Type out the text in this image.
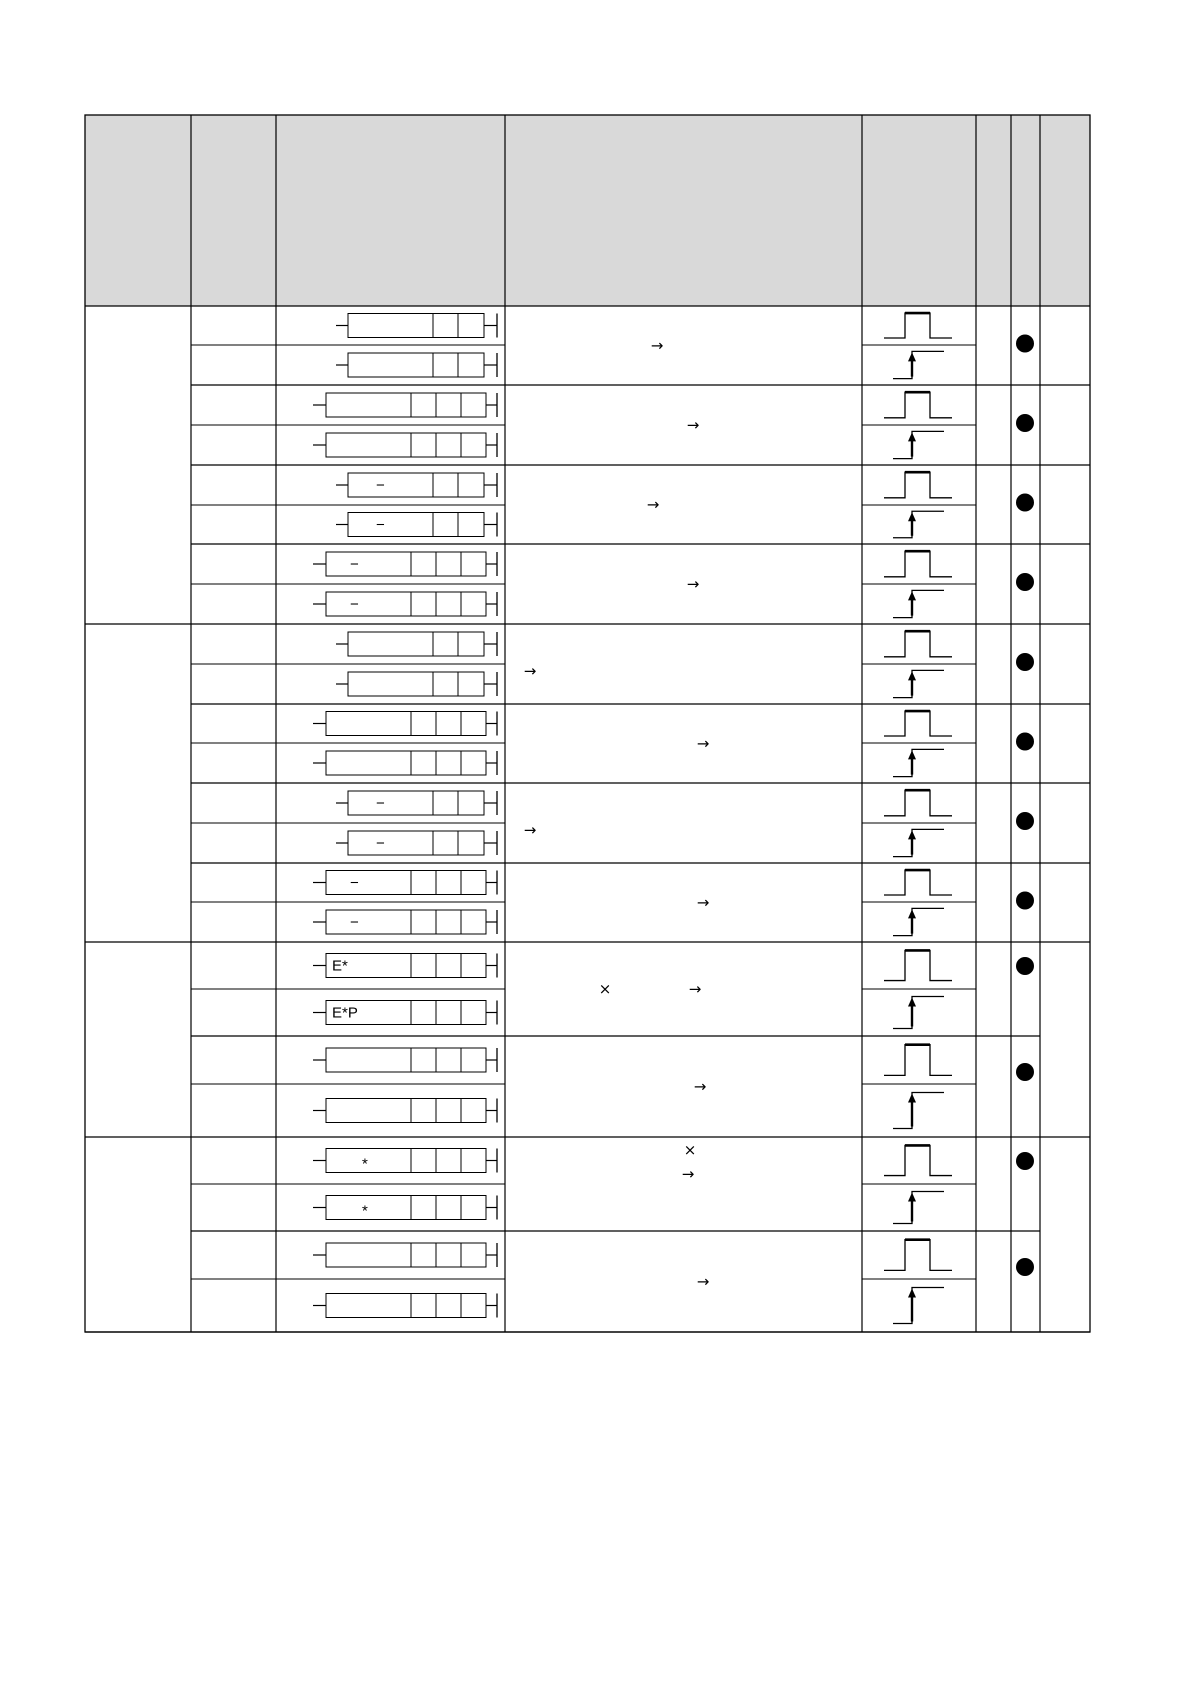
→
→
−
−
→
−
−
→
→
→
−
−
→
−
−
→
E*
E*P
×	→
→
*
*
×
→
→
